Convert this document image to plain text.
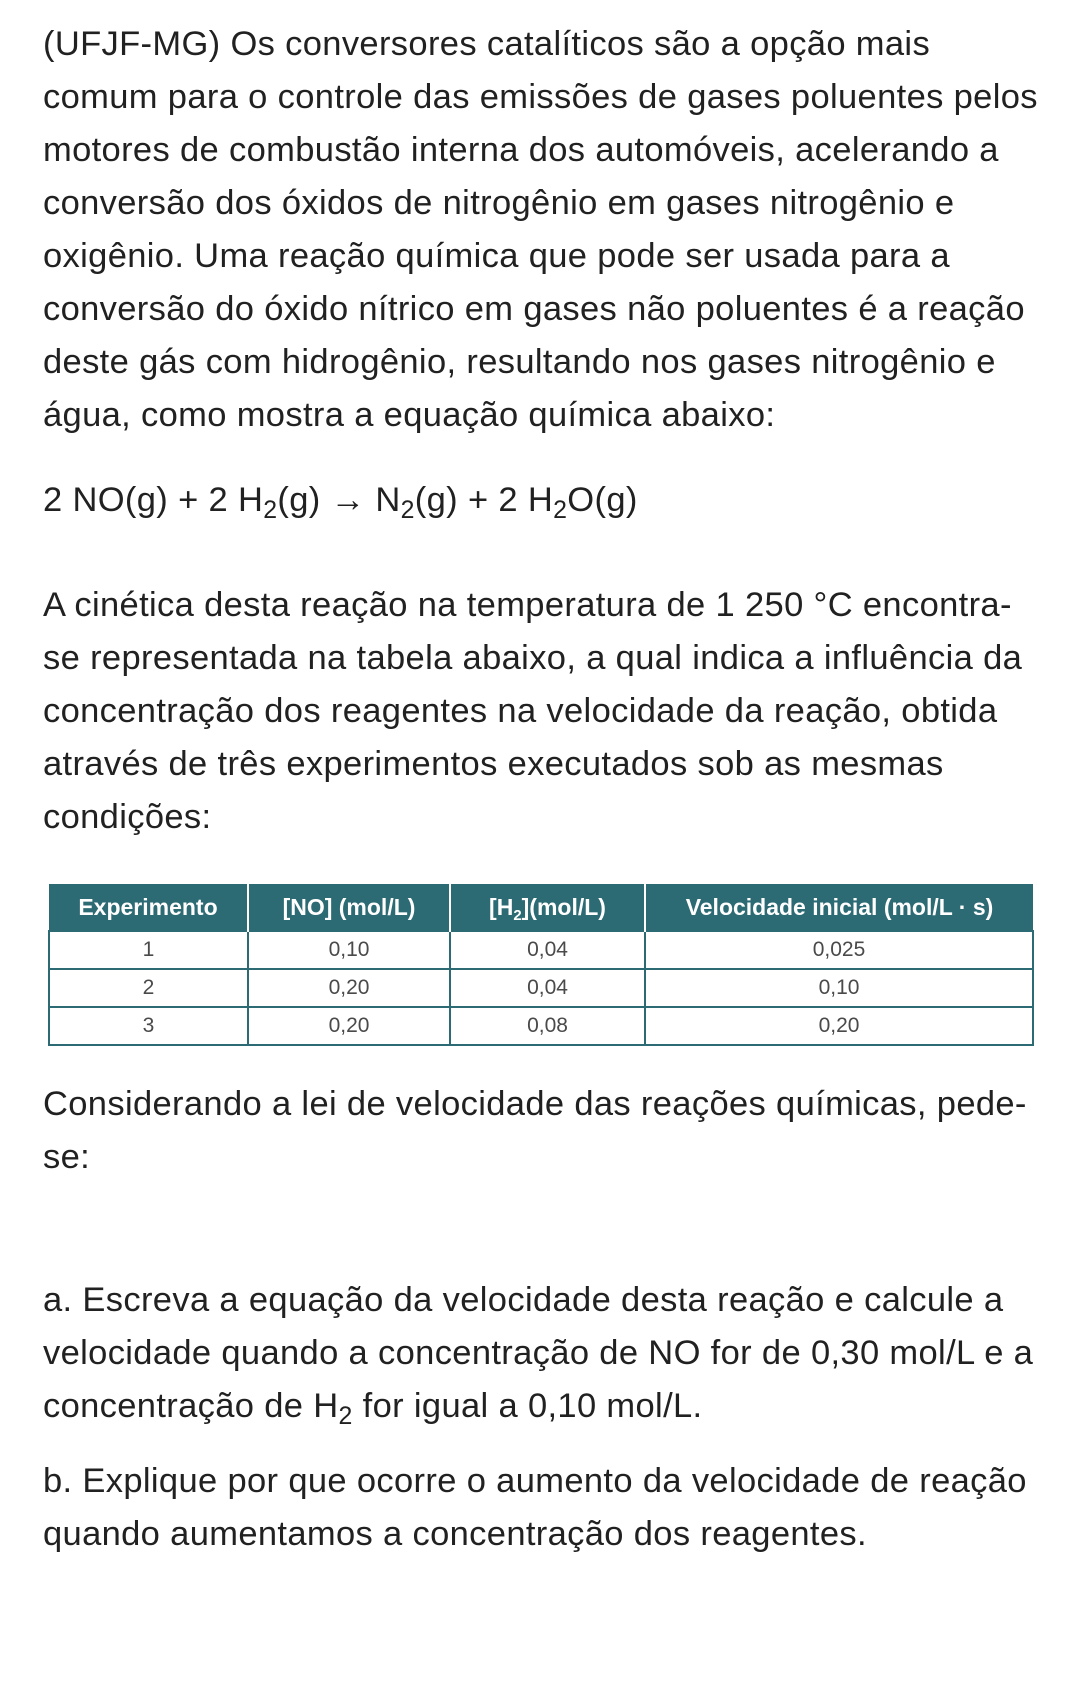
(UFJF-MG) Os conversores catalíticos são a opção mais comum para o controle das emissões de gases poluentes pelos motores de combustão interna dos automóveis, acelerando a conversão dos óxidos de nitrogênio em gases nitrogênio e oxigênio. Uma reação química que pode ser usada para a conversão do óxido nítrico em gases não poluentes é a reação deste gás com hidrogênio, resultando nos gases nitrogênio e água, como mostra a equação química abaixo:

2 NO(g) + 2 $H_2(g) \to N_2(g) + 2$ $H_2O(g)$

A cinética desta reação na temperatura de 1 250 °C encontra-se representada na tabela abaixo, a qual indica a influência da concentração dos reagentes na velocidade da reação, obtida através de três experimentos executados sob as mesmas condições:

Experimento	[NO] (mol/L)	$[H_2](mol/L)$	Velocidade inicial (mol/L · s)
1	0,10	0,04	0,025
2	0,20	0,04	0,10
3	0,20	0,08	0,20

Considerando a lei de velocidade das reações químicas, pede-se:

a. Escreva a equação da velocidade desta reação e calcule a velocidade quando a concentração de NO for de 0,30 mol/L e a concentração de $H_2$ for igual a 0,10 mol/L.

b. Explique por que ocorre o aumento da velocidade de reação quando aumentamos a concentração dos reagentes.
